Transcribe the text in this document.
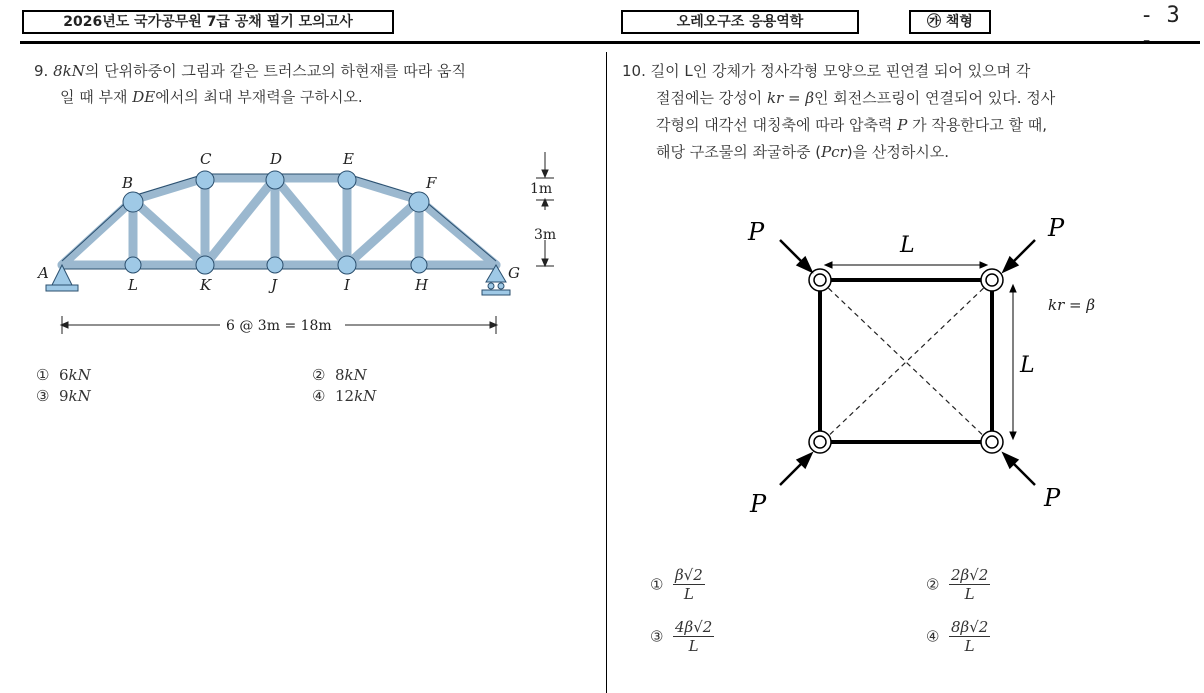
2026년도 국가공무원 7급 공채 필기 모의고사	오레오구조 응용역학	㉮ 책형	- 3
9. 8kN의 단위하중이 그림과 같은 트러스교의 하현재를 따라 움직
일 때 부재 DE에서의 최대 부재력을 구하시오.
B
C	D	E
F
A
L	K	J	I	H
G
1m
3m
6 @ 3m = 18m
① 6kN	② 8kN
③ 9kN	④ 12kN
10. 길이 L인 강체가 정사각형 모양으로 핀연결 되어 있으며 각
절점에는 강성이 kr = β인 회전스프링이 연결되어 있다. 정사
각형의 대각선 대칭축에 따라 압축력 P 가 작용한다고 할 때,
해당 구조물의 좌굴하중 (Pcr)을 산정하시오.
P	P
P	P
L
L
kr = β
① $\frac{\beta√2}{L}$	② $\frac{2\beta√2}{L}$
③ $\frac{4\beta√2}{L}$	④ $\frac{8\beta√2}{L}$
